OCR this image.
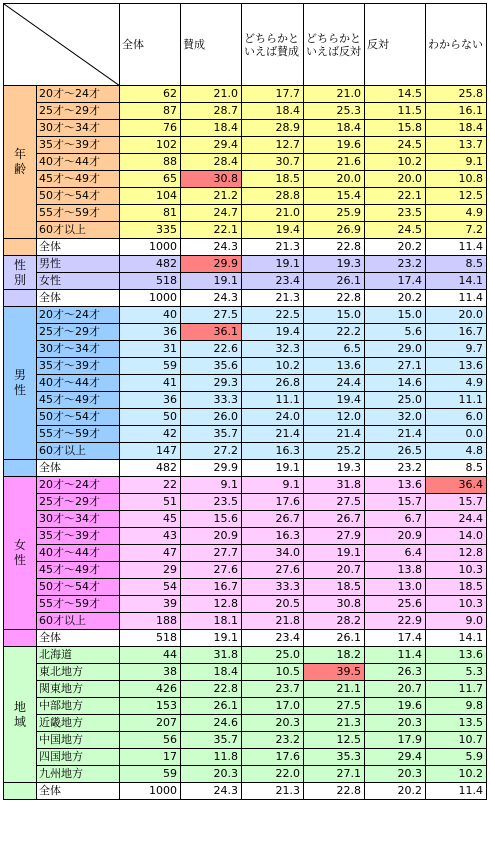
	全体	賛成	どちらかといえば賛成	どちらかといえば反対	反対	わからない

年齢	20才～24才	62	21.0	17.7	21.0	14.5	25.8
	25才～29才	87	28.7	18.4	25.3	11.5	16.1
	30才～34才	76	18.4	28.9	18.4	15.8	18.4
	35才～39才	102	29.4	12.7	19.6	24.5	13.7
	40才～44才	88	28.4	30.7	21.6	10.2	9.1
	45才～49才	65	30.8	18.5	20.0	20.0	10.8
	50才～54才	104	21.2	28.8	15.4	22.1	12.5
	55才～59才	81	24.7	21.0	25.9	23.5	4.9
	60才以上	335	22.1	19.4	26.9	24.5	7.2
	全体	1000	24.3	21.3	22.8	20.2	11.4

性別	男性	482	29.9	19.1	19.3	23.2	8.5
	女性	518	19.1	23.4	26.1	17.4	14.1
	全体	1000	24.3	21.3	22.8	20.2	11.4

男性	20才～24才	40	27.5	22.5	15.0	15.0	20.0
	25才～29才	36	36.1	19.4	22.2	5.6	16.7
	30才～34才	31	22.6	32.3	6.5	29.0	9.7
	35才～39才	59	35.6	10.2	13.6	27.1	13.6
	40才～44才	41	29.3	26.8	24.4	14.6	4.9
	45才～49才	36	33.3	11.1	19.4	25.0	11.1
	50才～54才	50	26.0	24.0	12.0	32.0	6.0
	55才～59才	42	35.7	21.4	21.4	21.4	0.0
	60才以上	147	27.2	16.3	25.2	26.5	4.8
	全体	482	29.9	19.1	19.3	23.2	8.5

女性	20才～24才	22	9.1	9.1	31.8	13.6	36.4
	25才～29才	51	23.5	17.6	27.5	15.7	15.7
	30才～34才	45	15.6	26.7	26.7	6.7	24.4
	35才～39才	43	20.9	16.3	27.9	20.9	14.0
	40才～44才	47	27.7	34.0	19.1	6.4	12.8
	45才～49才	29	27.6	27.6	20.7	13.8	10.3
	50才～54才	54	16.7	33.3	18.5	13.0	18.5
	55才～59才	39	12.8	20.5	30.8	25.6	10.3
	60才以上	188	18.1	21.8	28.2	22.9	9.0
	全体	518	19.1	23.4	26.1	17.4	14.1

地域	北海道	44	31.8	25.0	18.2	11.4	13.6
	東北地方	38	18.4	10.5	39.5	26.3	5.3
	関東地方	426	22.8	23.7	21.1	20.7	11.7
	中部地方	153	26.1	17.0	27.5	19.6	9.8
	近畿地方	207	24.6	20.3	21.3	20.3	13.5
	中国地方	56	35.7	23.2	12.5	17.9	10.7
	四国地方	17	11.8	17.6	35.3	29.4	5.9
	九州地方	59	20.3	22.0	27.1	20.3	10.2
	全体	1000	24.3	21.3	22.8	20.2	11.4
